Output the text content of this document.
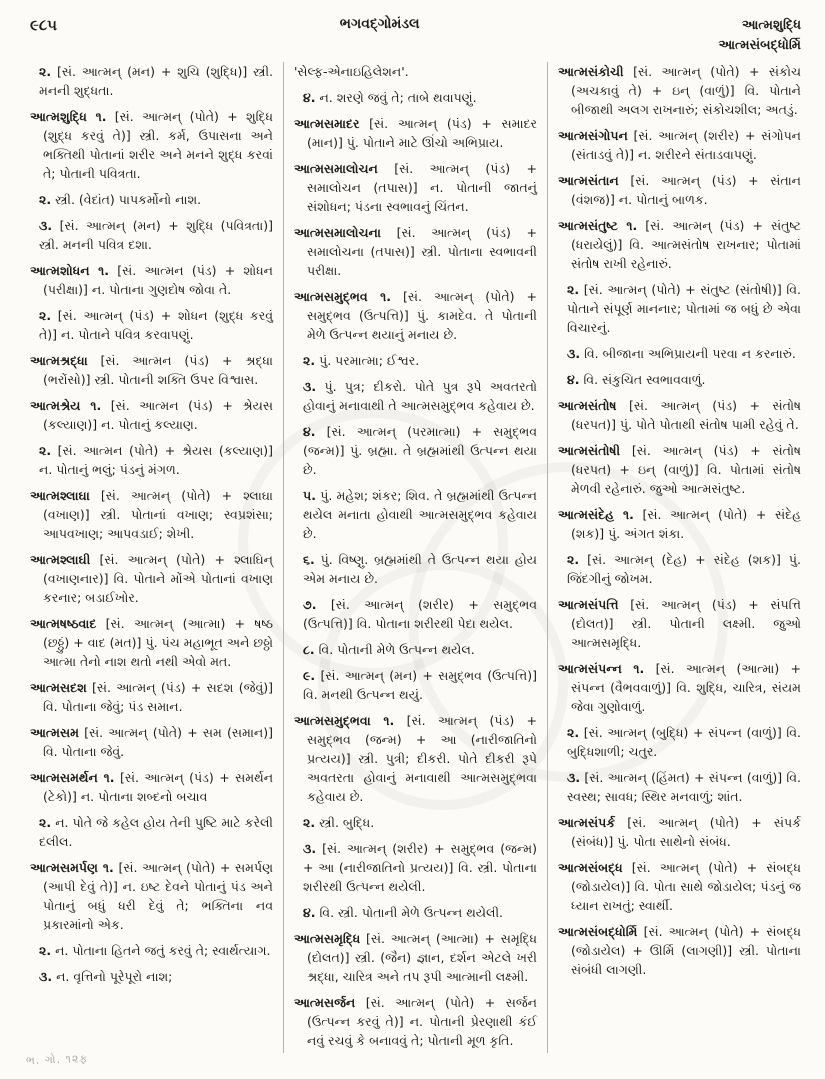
૯૮૫	ભગવદ્ગોમંડલ	આત્મશુદ્ધિ
આત્મસંબદ્ધોર્મિ

૨. [સં. આત્મન્ (મન) + શુચિ (શુદ્ધિ)] સ્ત્રી. મનની શુદ્ધતા.

આત્મશુદ્ધિ ૧. [સં. આત્મન્ (પોતે) + શુદ્ધિ (શુદ્ધ કરવું તે)] સ્ત્રી. કર્મ, ઉપાસના અને ભક્તિથી પોતાનાં શરીર અને મનને શુદ્ધ કરવાં તે; પોતાની પવિત્રતા.

૨. સ્ત્રી. (વેદાંત) પાપકર્મોનો નાશ.

૩. [સં. આત્મન્ (મન) + શુદ્ધિ (પવિત્રતા)] સ્ત્રી. મનની પવિત્ર દશા.

આત્મશોધન ૧. [સં. આત્મન (પંડ) + શોધન (પરીક્ષા)] ન. પોતાના ગુણદોષ જોવા તે.

૨. [સં. આત્મન્ (પંડ) + શોધન (શુદ્ધ કરવું તે)] ન. પોતાને પવિત્ર કરવાપણું.

આત્મશ્રદ્ધા [સં. આત્મન (પંડ) + શ્રદ્ધા (ભરોંસો)] સ્ત્રી. પોતાની શક્તિ ઉપર વિશ્વાસ.

આત્મશ્રેય ૧. [સં. આત્મન (પંડ) + શ્રેયસ (કલ્યાણ)] ન. પોતાનું કલ્યાણ.

૨. [સં. આત્મન (પોતે) + શ્રેયસ (કલ્યાણ)] ન. પોતાનું ભલું; પંડનું મંગળ.

આત્મશ્લાઘા [સં. આત્મન્ (પોતે) + શ્લાઘા (વખાણ)] સ્ત્રી. પોતાનાં વખાણ; સ્વપ્રશંસા; આપવખાણ; આપવડાઈ; શેખી.

આત્મશ્લાઘી [સં. આત્મન્ (પોતે) + શ્લાઘિન્ (વખાણનાર)] વિ. પોતાને મોંએ પોતાનાં વખાણ કરનાર; બડાઈખોર.

આત્મષષ્ઠવાદ [સં. આત્મન્ (આત્મા) + ષષ્ઠ (છઠ્ઠું) + વાદ (મત)] પું. પંચ મહાભૂત અને છઠ્ઠો આત્મા તેનો નાશ થતો નથી એવો મત.

આત્મસદશ [સં. આત્મન્ (પંડ) + સદશ (જેવું)] વિ. પોતાના જેવું; પંડ સમાન.

આત્મસમ [સં. આત્મન્ (પોતે) + સમ (સમાન)] વિ. પોતાના જેવું.

આત્મસમર્થન ૧. [સં. આત્મન્ (પંડ) + સમર્થન (ટેકો)] ન. પોતાના શબ્દનો બચાવ

૨. ન. પોતે જે કહેલ હોય તેની પુષ્ટિ માટે કરેલી દલીલ.

આત્મસમર્પણ ૧. [સં. આત્મન્ (પોતે) + સમર્પણ (આપી દેવું તે)] ન. ઇષ્ટ દેવને પોતાનું પંડ અને પોતાનું બધું ધરી દેવું તે; ભક્તિના નવ પ્રકારમાંનો એક.

૨. ન. પોતાના હિતને જતું કરવું તે; સ્વાર્થત્યાગ.

૩. ન. વૃત્તિનો પૂરેપૂરો નાશ;

'સેલ્ફ-એનાઇહિલેશન'.

૪. ન. શરણે જવું તે; તાબે થવાપણું.

આત્મસમાદર [સં. આત્મન્ (પંડ) + સમાદર (માન)] પું. પોતાને માટે ઊંચો અભિપ્રાય.

આત્મસમાલોચન [સં. આત્મન્ (પંડ) + સમાલોચન (તપાસ)] ન. પોતાની જાતનું સંશોધન; પંડના સ્વભાવનું ચિંતન.

આત્મસમાલોચના [સં. આત્મન્ (પંડ) + સમાલોચના (તપાસ)] સ્ત્રી. પોતાના સ્વભાવની પરીક્ષા.

આત્મસમુદ્ભવ ૧. [સં. આત્મન્ (પોતે) + સમુદ્ભવ (ઉત્પત્તિ)] પું. કામદેવ. તે પોતાની મેળે ઉત્પન્ન થયાનું મનાય છે.

૨. પું. પરમાત્મા; ઈશ્વર.

૩. પું. પુત્ર; દીકરો. પોતે પુત્ર રૂપે અવતરતો હોવાનું મનાવાથી તે આત્મસમુદ્ભવ કહેવાય છે.

૪. [સં. આત્મન્ (પરમાત્મા) + સમુદ્ભવ (જન્મ)] પું. બ્રહ્મા. તે બ્રહ્મમાંથી ઉત્પન્ન થયા છે.

૫. પું. મહેશ; શંકર; શિવ. તે બ્રહ્મમાંથી ઉત્પન્ન થયેલ મનાતા હોવાથી આત્મસમુદ્ભવ કહેવાય છે.

૬. પું. વિષ્ણુ. બ્રહ્મમાંથી તે ઉત્પન્ન થયા હોય એમ મનાય છે.

૭. [સં. આત્મન્ (શરીર) + સમુદ્ભવ (ઉત્પત્તિ)] વિ. પોતાના શરીરથી પેદા થયેલ.

૮. વિ. પોતાની મેળે ઉત્પન્ન થયેલ.

૯. [સં. આત્મન્ (મન) + સમુદ્ભવ (ઉત્પત્તિ)] વિ. મનથી ઉત્પન્ન થયું.

આત્મસમુદ્ભવા ૧. [સં. આત્મન્ (પંડ) + સમુદ્ભવ (જન્મ) + આ (નારીજાતિનો પ્રત્યય)] સ્ત્રી. પુત્રી; દીકરી. પોતે દીકરી રૂપે અવતરતા હોવાનું મનાવાથી આત્મસમુદ્ભવા કહેવાય છે.

૨. સ્ત્રી. બુદ્ધિ.

૩. [સં. આત્મન્ (શરીર) + સમુદ્ભવ (જન્મ) + આ (નારીજાતિનો પ્રત્યય)] વિ. સ્ત્રી. પોતાના શરીરથી ઉત્પન્ન થયેલી.

૪. વિ. સ્ત્રી. પોતાની મેળે ઉત્પન્ન થયેલી.

આત્મસમૃદ્ધિ [સં. આત્મન્ (આત્મા) + સમૃદ્ધિ (દોલત)] સ્ત્રી. (જૈન) જ્ઞાન, દર્શન એટલે ખરી શ્રદ્ધા, ચારિત્ર અને તપ રૂપી આત્માની લક્ષ્મી.

આત્મસર્જન [સં. આત્મન્ (પોતે) + સર્જન (ઉત્પન્ન કરવું તે)] ન. પોતાની પ્રેરણાથી કંઈ નવું રચવું કે બનાવવું તે; પોતાની મૂળ કૃતિ.

આત્મસંકોચી [સં. આત્મન્ (પોતે) + સંકોચ (અચકાવું તે) + ઇન્ (વાળું)] વિ. પોતાને બીજાથી અલગ રાખનારું; સંકોચશીલ; અતડું.

આત્મસંગોપન [સં. આત્મન્ (શરીર) + સંગોપન (સંતાડવું તે)] ન. શરીરને સંતાડવાપણું.

આત્મસંતાન [સં. આત્મન્ (પંડ) + સંતાન (વંશજ)] ન. પોતાનું બાળક.

આત્મસંતુષ્ટ ૧. [સં. આત્મન્ (પંડ) + સંતુષ્ટ (ધરાયેલું)] વિ. આત્મસંતોષ રાખનાર; પોતામાં સંતોષ રાખી રહેનારું.

૨. [સં. આત્મન્ (પોતે) + સંતુષ્ટ (સંતોષી)] વિ. પોતાને સંપૂર્ણ માનનાર; પોતામાં જ બધું છે એવા વિચારનું.

૩. વિ. બીજાના અભિપ્રાયની પરવા ન કરનારું.

૪. વિ. સંકુચિત સ્વભાવવાળું.

આત્મસંતોષ [સં. આત્મન્ (પંડ) + સંતોષ (ધરપત)] પું. પોતે પોતાથી સંતોષ પામી રહેવું તે.

આત્મસંતોષી [સં. આત્મન્ (પંડ) + સંતોષ (ધરપત) + ઇન્ (વાળું)] વિ. પોતામાં સંતોષ મેળવી રહેનારું. જુઓ આત્મસંતુષ્ટ.

આત્મસંદેહ ૧. [સં. આત્મન્ (પોતે) + સંદેહ (શક)] પું. અંગત શંકા.

૨. [સં. આત્મન્ (દેહ) + સંદેહ (શક)] પું. જિંદગીનું જોખમ.

આત્મસંપત્તિ [સં. આત્મન્ (પંડ) + સંપત્તિ (દોલત)] સ્ત્રી. પોતાની લક્ષ્મી. જુઓ આત્મસમૃદ્ધિ.

આત્મસંપન્ન ૧. [સં. આત્મન્ (આત્મા) + સંપન્ન (વૈભવવાળું)] વિ. શુદ્ધિ, ચારિત્ર, સંયમ જેવા ગુણોવાળું.

૨. [સં. આત્મન્ (બુદ્ધિ) + સંપન્ન (વાળું)] વિ. બુદ્ધિશાળી; ચતુર.

૩. [સં. આત્મન્ (હિંમત) + સંપન્ન (વાળું)] વિ. સ્વસ્થ; સાવધ; સ્થિર મનવાળું; શાંત.

આત્મસંપર્ક [સં. આત્મન્ (પોતે) + સંપર્ક (સંબંધ)] પું. પોતા સાથેનો સંબંધ.

આત્મસંબદ્ધ [સં. આત્મન્ (પોતે) + સંબદ્ધ (જોડાયેલ)] વિ. પોતા સાથે જોડાયેલ; પંડનું જ ધ્યાન રાખતું; સ્વાર્થી.

આત્મસંબદ્ધોર્મિ [સં. આત્મન્ (પોતે) + સંબદ્ધ (જોડાયેલ) + ઊર્મિ (લાગણી)] સ્ત્રી. પોતાના સંબંધી લાગણી.

ભ. ગો. ૧૨ફ
